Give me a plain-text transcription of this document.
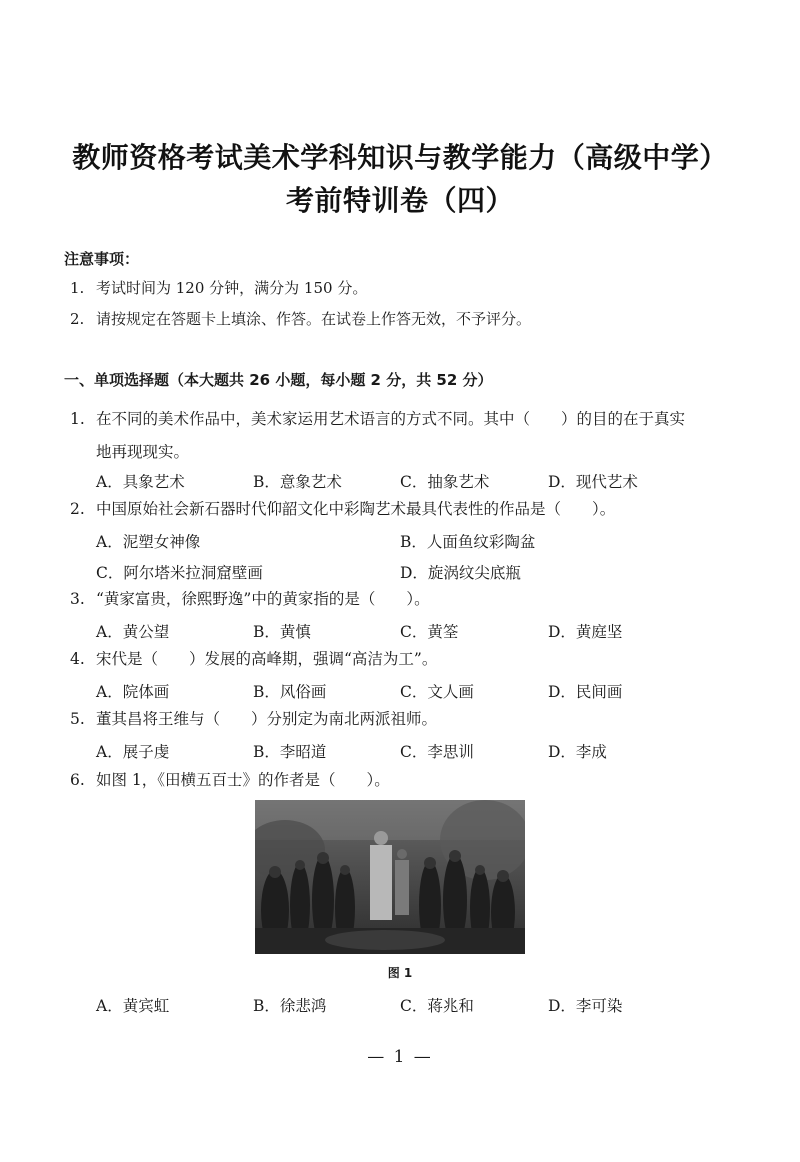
教师资格考试美术学科知识与教学能力（高级中学）
考前特训卷（四）
注意事项：
1. 考试时间为 120 分钟，满分为 150 分。
2. 请按规定在答题卡上填涂、作答。在试卷上作答无效，不予评分。
一、单项选择题（本大题共 26 小题，每小题 2 分，共 52 分）
1. 在不同的美术作品中，美术家运用艺术语言的方式不同。其中（　　）的目的在于真实
地再现现实。
A．具象艺术	B．意象艺术	C．抽象艺术	D．现代艺术
2. 中国原始社会新石器时代仰韶文化中彩陶艺术最具代表性的作品是（　　）。
A．泥塑女神像	B．人面鱼纹彩陶盆
C．阿尔塔米拉洞窟壁画	D．旋涡纹尖底瓶
3. “黄家富贵，徐熙野逸”中的黄家指的是（　　）。
A．黄公望	B．黄慎	C．黄筌	D．黄庭坚
4. 宋代是（　　）发展的高峰期，强调“高洁为工”。
A．院体画	B．风俗画	C．文人画	D．民间画
5. 董其昌将王维与（　　）分别定为南北两派祖师。
A．展子虔	B．李昭道	C．李思训	D．李成
6. 如图 1，《田横五百士》的作者是（　　）。
图 1
A．黄宾虹	B．徐悲鸿	C．蒋兆和	D．李可染
— 1 —
